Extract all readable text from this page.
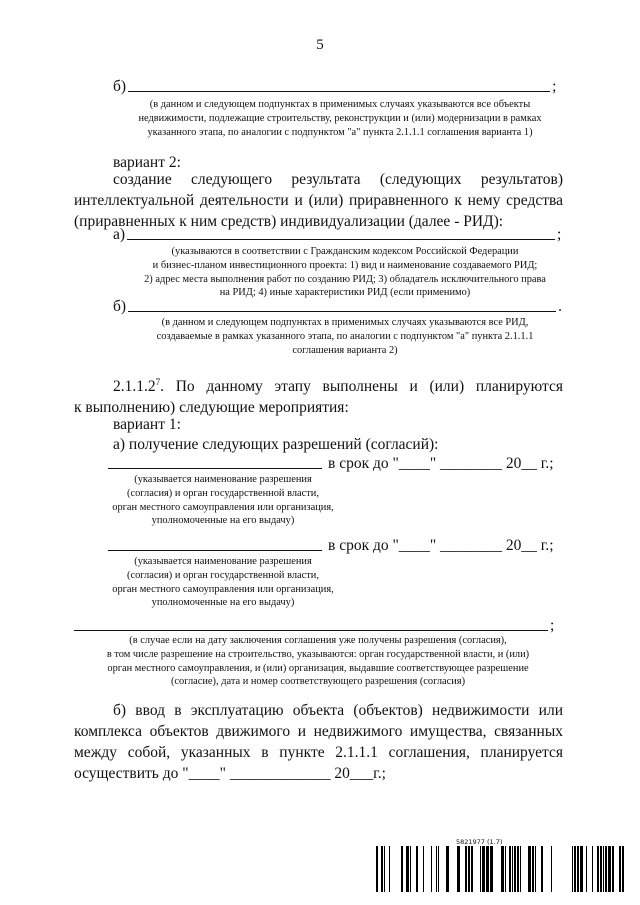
5
б)	;
(в данном и следующем подпунктах в применимых случаях указываются все объекты
недвижимости, подлежащие строительству, реконструкции и (или) модернизации в рамках
указанного этапа, по аналогии с подпунктом "а" пункта 2.1.1.1 соглашения варианта 1)
вариант 2:
создание следующего результата (следующих результатов)
интеллектуальной деятельности и (или) приравненного к нему средства
(приравненных к ним средств) индивидуализации (далее - РИД):
а)	;
(указываются в соответствии с Гражданским кодексом Российской Федерации
и бизнес-планом инвестиционного проекта: 1) вид и наименование создаваемого РИД;
2) адрес места выполнения работ по созданию РИД; 3) обладатель исключительного права
на РИД; 4) иные характеристики РИД (если применимо)
б)	.
(в данном и следующем подпунктах в применимых случаях указываются все РИД,
создаваемые в рамках указанного этапа, по аналогии с подпунктом "а" пункта 2.1.1.1
соглашения варианта 2)
2.1.1.2$^7$. По данному этапу выполнены и (или) планируются
к выполнению) следующие мероприятия:
вариант 1:
а) получение следующих разрешений (согласий):
в срок до "____" ________ 20__ г.;
(указывается наименование разрешения
(согласия) и орган государственной власти,
орган местного самоуправления или организация,
уполномоченные на его выдачу)
в срок до "____" ________ 20__ г.;
(указывается наименование разрешения
(согласия) и орган государственной власти,
орган местного самоуправления или организация,
уполномоченные на его выдачу)
;
(в случае если на дату заключения соглашения уже получены разрешения (согласия),
в том числе разрешение на строительство, указываются: орган государственной власти, и (или)
орган местного самоуправления, и (или) организация, выдавшие соответствующее разрешение
(согласие), дата и номер соответствующего разрешения (согласия)
б) ввод в эксплуатацию объекта (объектов) недвижимости или
комплекса объектов движимого и недвижимого имущества, связанных
между собой, указанных в пункте 2.1.1.1 соглашения, планируется
осуществить до "____" _____________ 20___г.;
5821977 (1.7)
